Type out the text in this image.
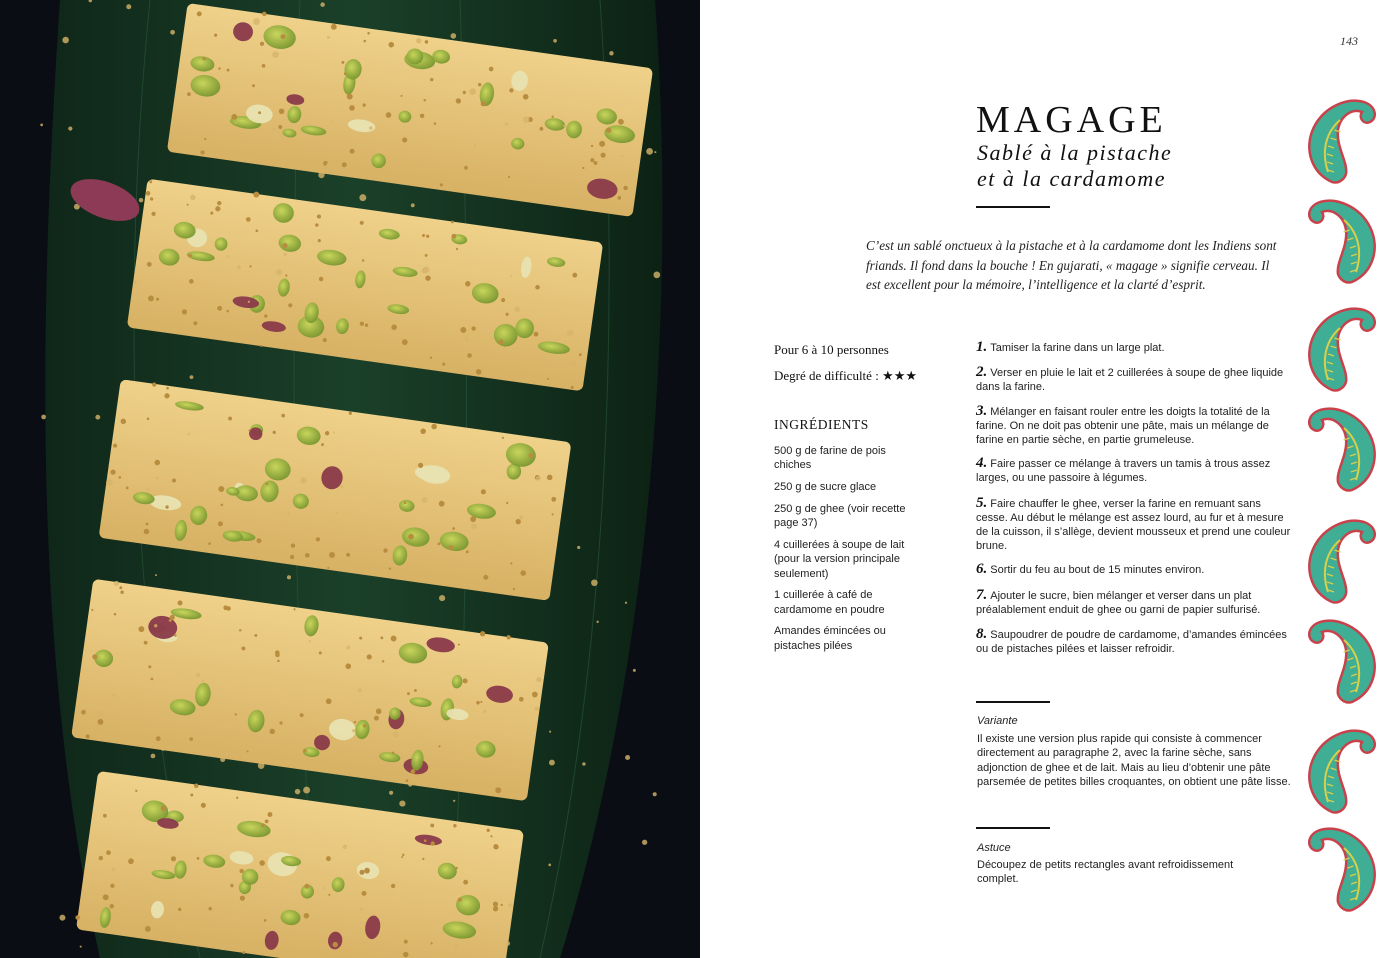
143
MAGAGE
Sablé à la pistache
et à la cardamome

C’est un sablé onctueux à la pistache et à la cardamome dont les Indiens sont friands. Il fond dans la bouche ! En gujarati, « magage » signifie cerveau. Il est excellent pour la mémoire, l’intelligence et la clarté d’esprit.

Pour 6 à 10 personnes
Degré de difficulté : ★★★
INGRÉDIENTS
500 g de farine de pois chiches
250 g de sucre glace
250 g de ghee (voir recette page 37)
4 cuillerées à soupe de lait (pour la version principale seulement)
1 cuillerée à café de cardamome en poudre
Amandes émincées ou pistaches pilées
1. Tamiser la farine dans un large plat.
2. Verser en pluie le lait et 2 cuillerées à soupe de ghee liquide dans la farine.
3. Mélanger en faisant rouler entre les doigts la totalité de la farine. On ne doit pas obtenir une pâte, mais un mélange de farine en partie sèche, en partie grumeleuse.
4. Faire passer ce mélange à travers un tamis à trous assez larges, ou une passoire à légumes.
5. Faire chauffer le ghee, verser la farine en remuant sans cesse. Au début le mélange est assez lourd, au fur et à mesure de la cuisson, il s’allège, devient mousseux et prend une couleur brune.
6. Sortir du feu au bout de 15 minutes environ.
7. Ajouter le sucre, bien mélanger et verser dans un plat préalablement enduit de ghee ou garni de papier sulfurisé.
8. Saupoudrer de poudre de cardamome, d’amandes émincées ou de pistaches pilées et laisser refroidir.

Variante

Il existe une version plus rapide qui consiste à commencer directement au paragraphe 2, avec la farine sèche, sans adjonction de ghee et de lait. Mais au lieu d’obtenir une pâte parsemée de petites billes croquantes, on obtient une pâte lisse.

Astuce

Découpez de petits rectangles avant refroidissement complet.
